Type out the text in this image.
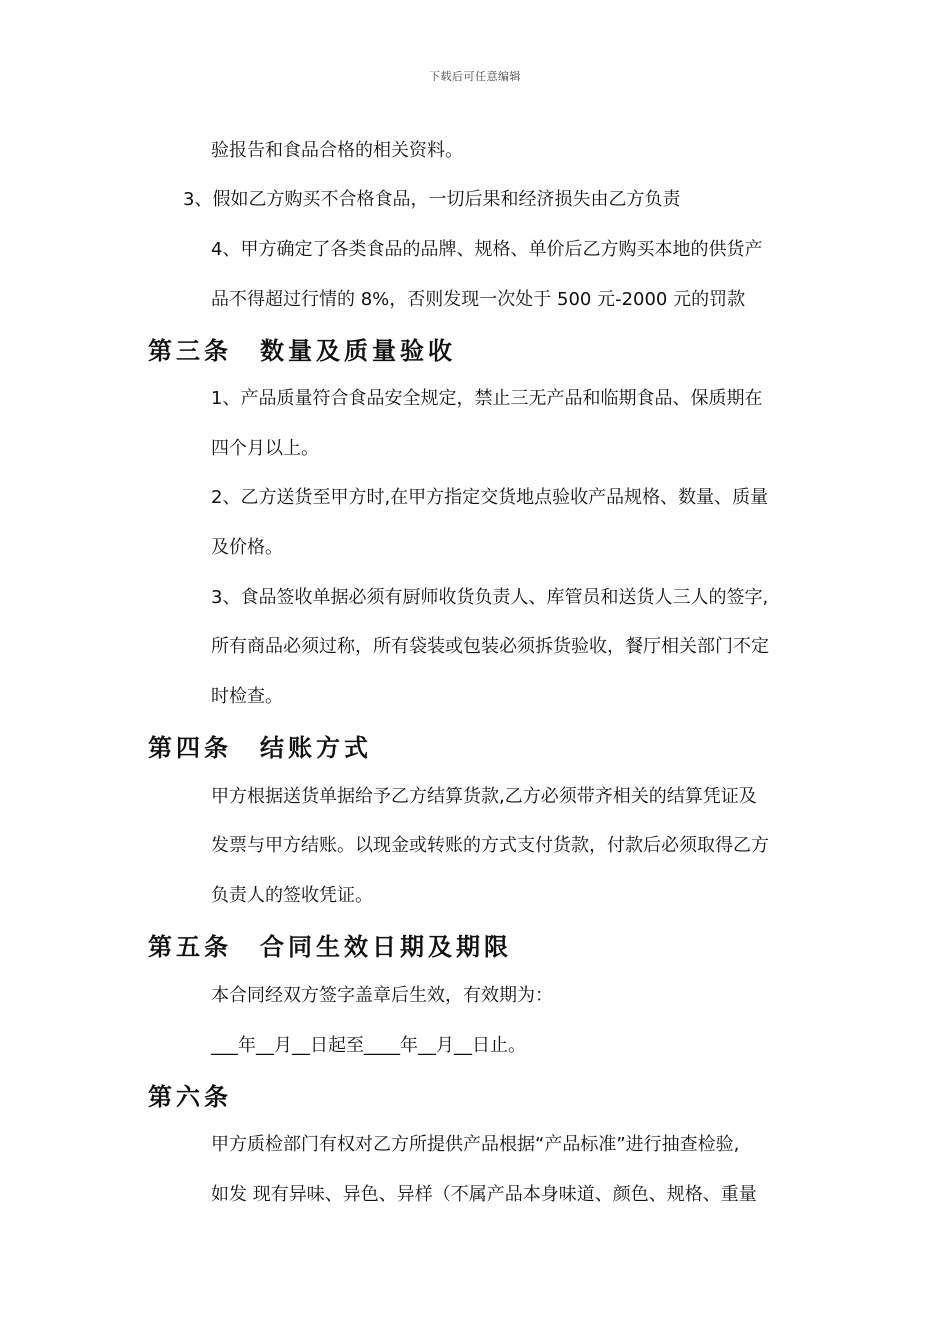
下载后可任意编辑
验报告和食品合格的相关资料。
3、假如乙方购买不合格食品，一切后果和经济损失由乙方负责
4、甲方确定了各类食品的品牌、规格、单价后乙方购买本地的供货产
品不得超过行情的 8%，否则发现一次处于 500 元-2000 元的罚款
第三条 数量及质量验收
1、产品质量符合食品安全规定，禁止三无产品和临期食品、保质期在
四个月以上。
2、乙方送货至甲方时,在甲方指定交货地点验收产品规格、数量、质量
及价格。
3、食品签收单据必须有厨师收货负责人、库管员和送货人三人的签字,
所有商品必须过称，所有袋装或包装必须拆货验收，餐厅相关部门不定
时检查。
第四条 结账方式
甲方根据送货单据给予乙方结算货款,乙方必须带齐相关的结算凭证及
发票与甲方结账。以现金或转账的方式支付货款，付款后必须取得乙方
负责人的签收凭证。
第五条 合同生效日期及期限
本合同经双方签字盖章后生效，有效期为：
___年__月__日起至____年__月__日止。
第六条
甲方质检部门有权对乙方所提供产品根据“产品标准”进行抽查检验,
如发 现有异味、异色、异样（不属产品本身味道、颜色、规格、重量
